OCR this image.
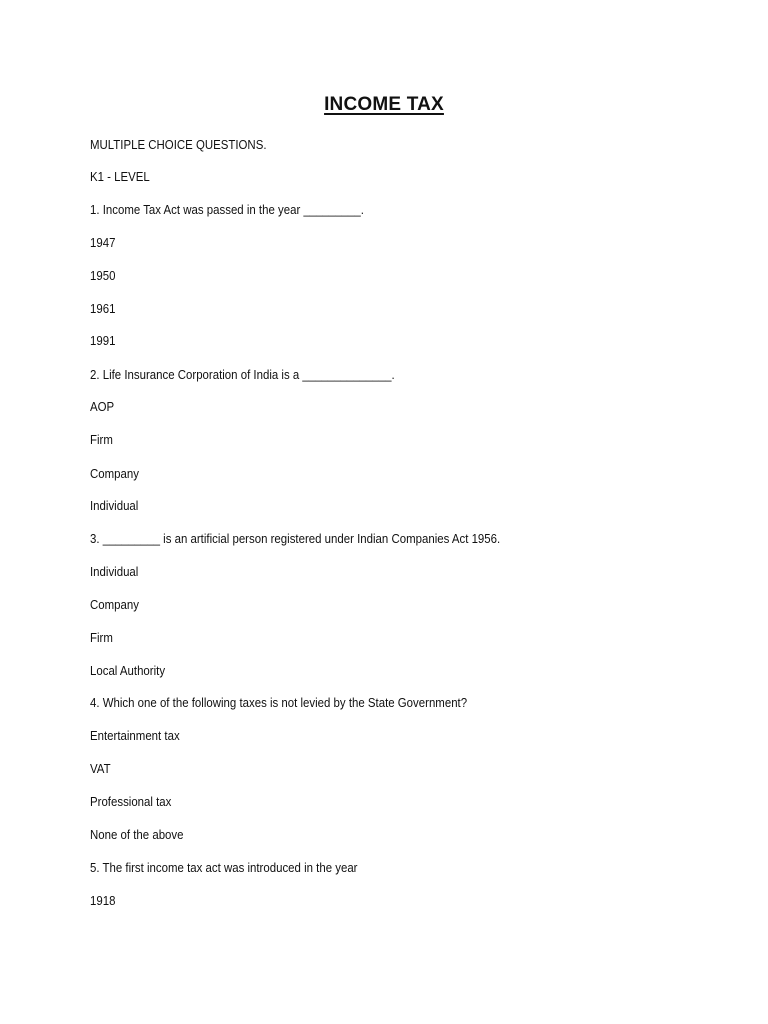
INCOME TAX
MULTIPLE CHOICE QUESTIONS.
K1 - LEVEL
1. Income Tax Act was passed in the year _________.
1947
1950
1961
1991
2. Life Insurance Corporation of India is a ______________.
AOP
Firm
Company
Individual
3. _________ is an artificial person registered under Indian Companies Act 1956.
Individual
Company
Firm
Local Authority
4. Which one of the following taxes is not levied by the State Government?
Entertainment tax
VAT
Professional tax
None of the above
5. The first income tax act was introduced in the year
1918
